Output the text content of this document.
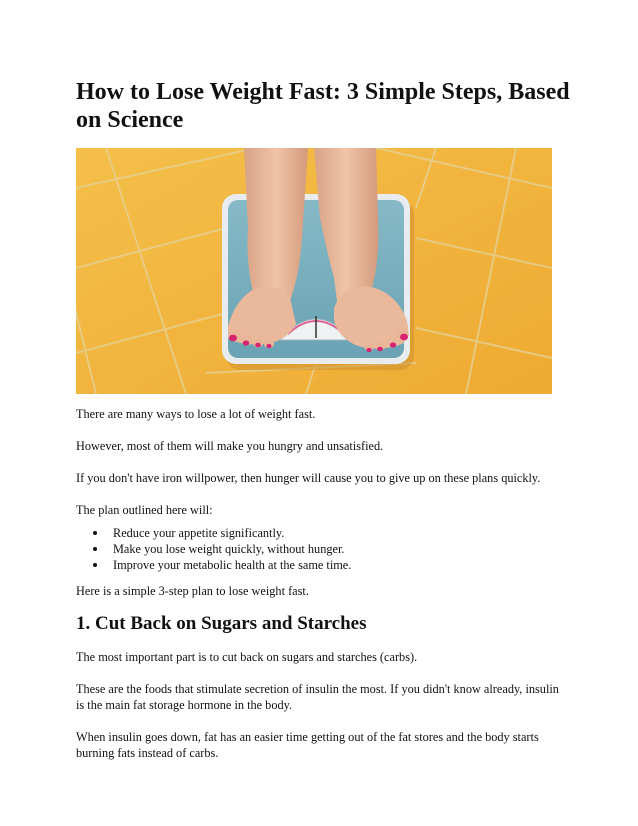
How to Lose Weight Fast: 3 Simple Steps, Based on Science

There are many ways to lose a lot of weight fast.

However, most of them will make you hungry and unsatisfied.

If you don't have iron willpower, then hunger will cause you to give up on these plans quickly.

The plan outlined here will:

Reduce your appetite significantly.
Make you lose weight quickly, without hunger.
Improve your metabolic health at the same time.

Here is a simple 3-step plan to lose weight fast.

1. Cut Back on Sugars and Starches

The most important part is to cut back on sugars and starches (carbs).

These are the foods that stimulate secretion of insulin the most. If you didn't know already, insulin is the main fat storage hormone in the body.

When insulin goes down, fat has an easier time getting out of the fat stores and the body starts burning fats instead of carbs.
